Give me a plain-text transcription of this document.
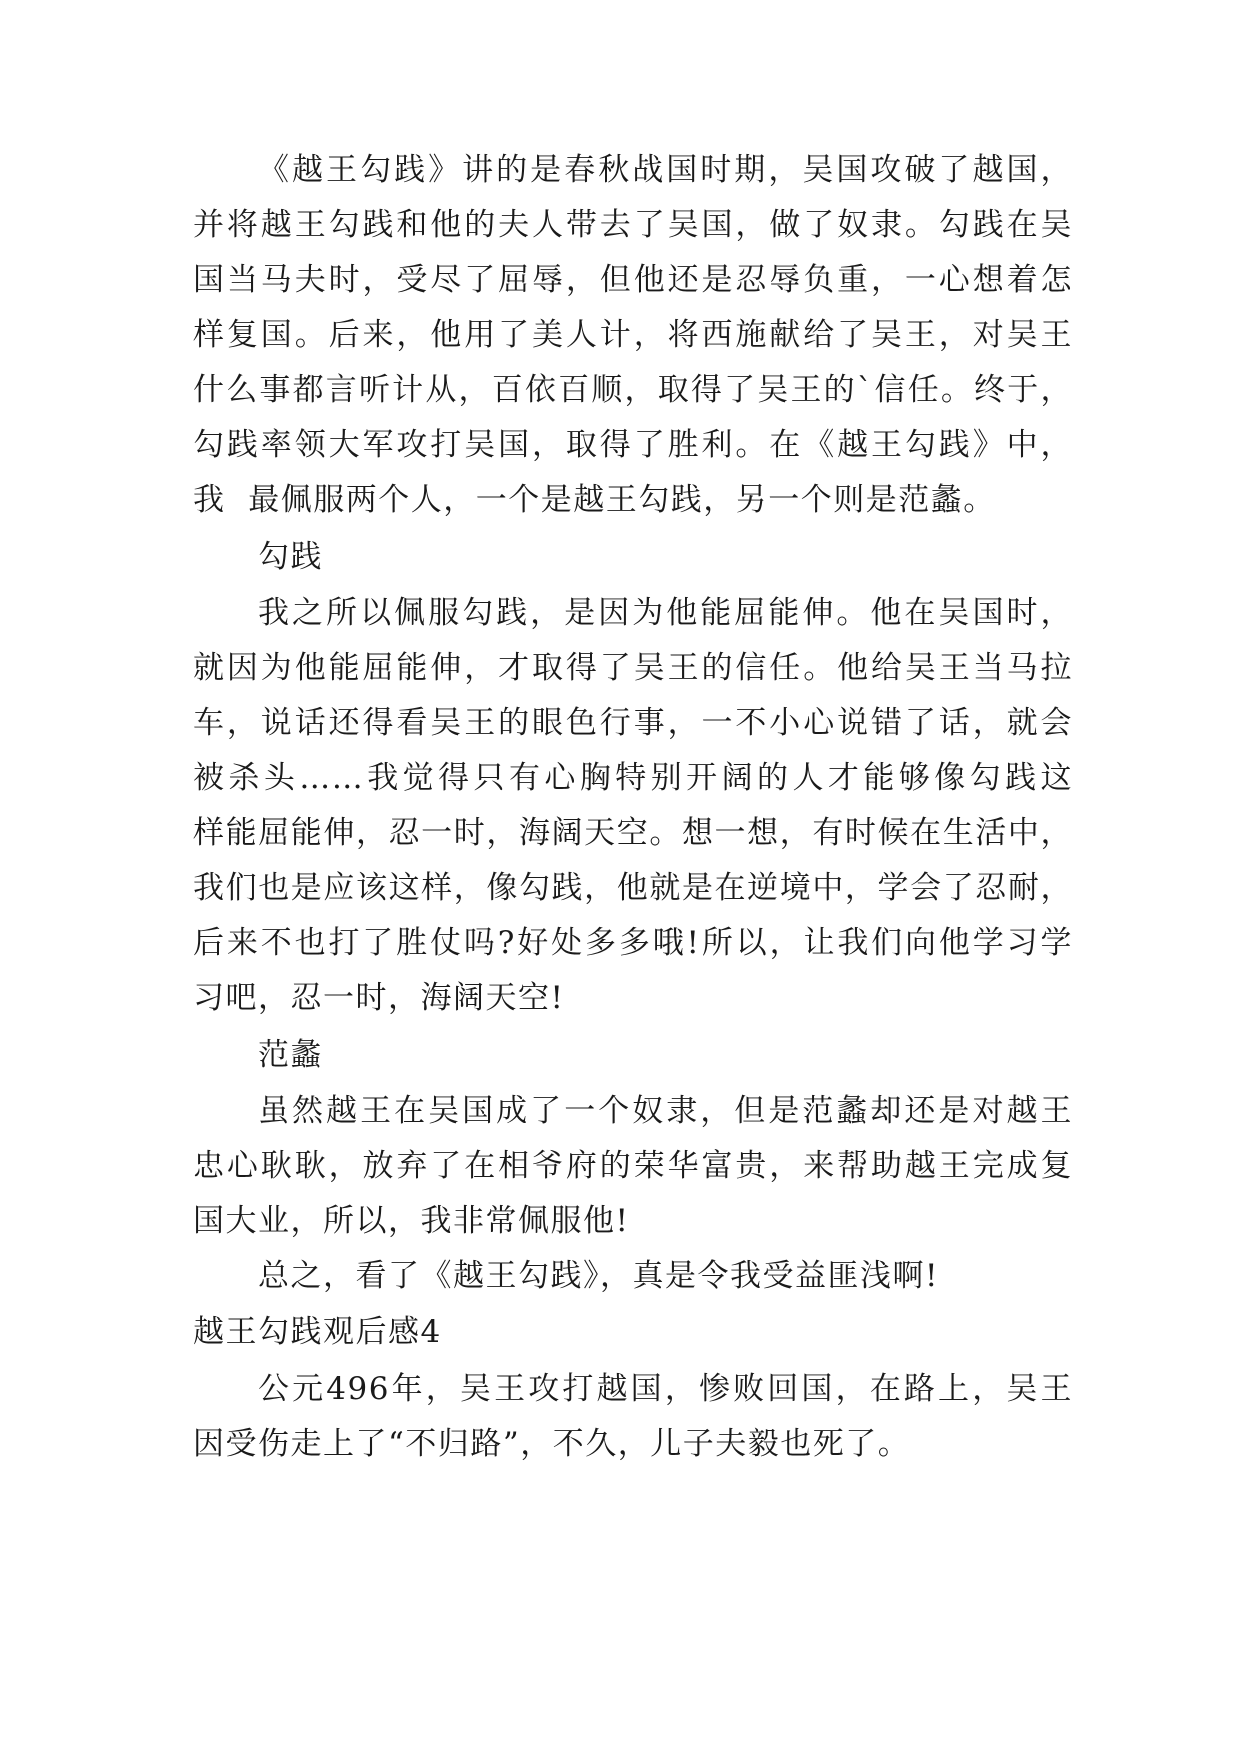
《越王勾践》讲的是春秋战国时期，吴国攻破了越国，
并将越王勾践和他的夫人带去了吴国，做了奴隶。勾践在吴
国当马夫时，受尽了屈辱，但他还是忍辱负重，一心想着怎
样复国。后来，他用了美人计，将西施献给了吴王，对吴王
什么事都言听计从，百依百顺，取得了吴王的`信任。终于，
勾践率领大军攻打吴国，取得了胜利。在《越王勾践》中，
我  最佩服两个人，一个是越王勾践，另一个则是范蠡。
勾践
我之所以佩服勾践，是因为他能屈能伸。他在吴国时，
就因为他能屈能伸，才取得了吴王的信任。他给吴王当马拉
车，说话还得看吴王的眼色行事，一不小心说错了话，就会
被杀头……我觉得只有心胸特别开阔的人才能够像勾践这
样能屈能伸，忍一时，海阔天空。想一想，有时候在生活中，
我们也是应该这样，像勾践，他就是在逆境中，学会了忍耐，
后来不也打了胜仗吗?好处多多哦!所以，让我们向他学习学
习吧，忍一时，海阔天空!
范蠡
虽然越王在吴国成了一个奴隶，但是范蠡却还是对越王
忠心耿耿，放弃了在相爷府的荣华富贵，来帮助越王完成复
国大业，所以，我非常佩服他!
总之，看了《越王勾践》，真是令我受益匪浅啊!
越王勾践观后感4
公元496年，吴王攻打越国，惨败回国，在路上，吴王
因受伤走上了“不归路”，不久，儿子夫毅也死了。
